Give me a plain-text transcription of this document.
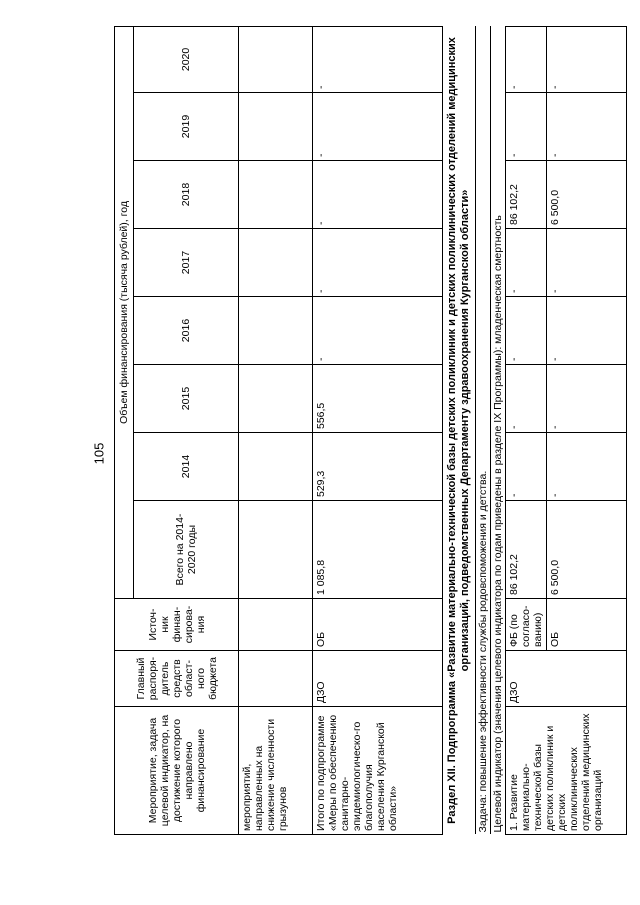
105
Мероприятие, задача целевой индикатор, на достижение которого направлено финансирование	Главный распоря-дитель средств област-ного бюджета	Источ-ник финан-сирова-ния	Объем финансирования (тысяча рублей), год							
			Всего на 2014-2020 годы	2014	2015	2016	2017	2018	2019	2020
мероприятий, направленных на снижение численности грызунов										
Итого по подпрограмме «Меры по обеспечению санитарно-эпидемиологическо-го благополучия населения Курганской области»	ДЗО	ОБ	1 085,8	529,3	556,5	-	-	-	-	-
Раздел XII. Подпрограмма «Развитие материально-технической базы детских поликлиник и детских поликлинических отделений медицинских организаций, подведомственных Департаменту здравоохранения Курганской области»										
Задача: повышение эффективности службы родовспоможения и детства.										
Целевой индикатор (значения целевого индикатора по годам приведены в разделе IX Программы): младенческая смертность										
1. Развитие материально-технической базы детских поликлиник и детских поликлинических отделений медицинских организаций	ДЗО	ФБ (по согласо-ванию)	86 102,2	-	-	-	-	86 102,2	-	-
		ОБ	6 500,0	-	-	-	-	6 500,0	-	-
